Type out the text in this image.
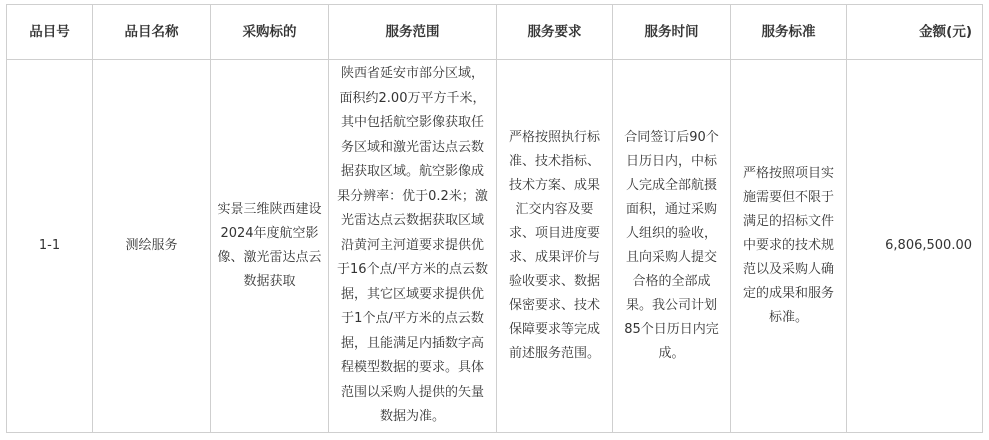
品目号	品目名称	采购标的	服务范围	服务要求	服务时间	服务标准	金额(元)
1-1	测绘服务	实景三维陕西建设2024年度航空影像、激光雷达点云数据获取	陕西省延安市部分区域，面积约2.00万平方千米，其中包括航空影像获取任务区域和激光雷达点云数据获取区域。航空影像成果分辨率：优于0.2米；激光雷达点云数据获取区域沿黄河主河道要求提供优于16个点/平方米的点云数据，其它区域要求提供优于1个点/平方米的点云数据，且能满足内插数字高程模型数据的要求。具体范围以采购人提供的矢量数据为准。	严格按照执行标准、技术指标、技术方案、成果汇交内容及要求、项目进度要求、成果评价与验收要求、数据保密要求、技术保障要求等完成前述服务范围。	合同签订后90个日历日内，中标人完成全部航摄面积，通过采购人组织的验收，且向采购人提交合格的全部成果。我公司计划85个日历日内完成。	严格按照项目实施需要但不限于满足的招标文件中要求的技术规范以及采购人确定的成果和服务标准。	6,806,500.00
